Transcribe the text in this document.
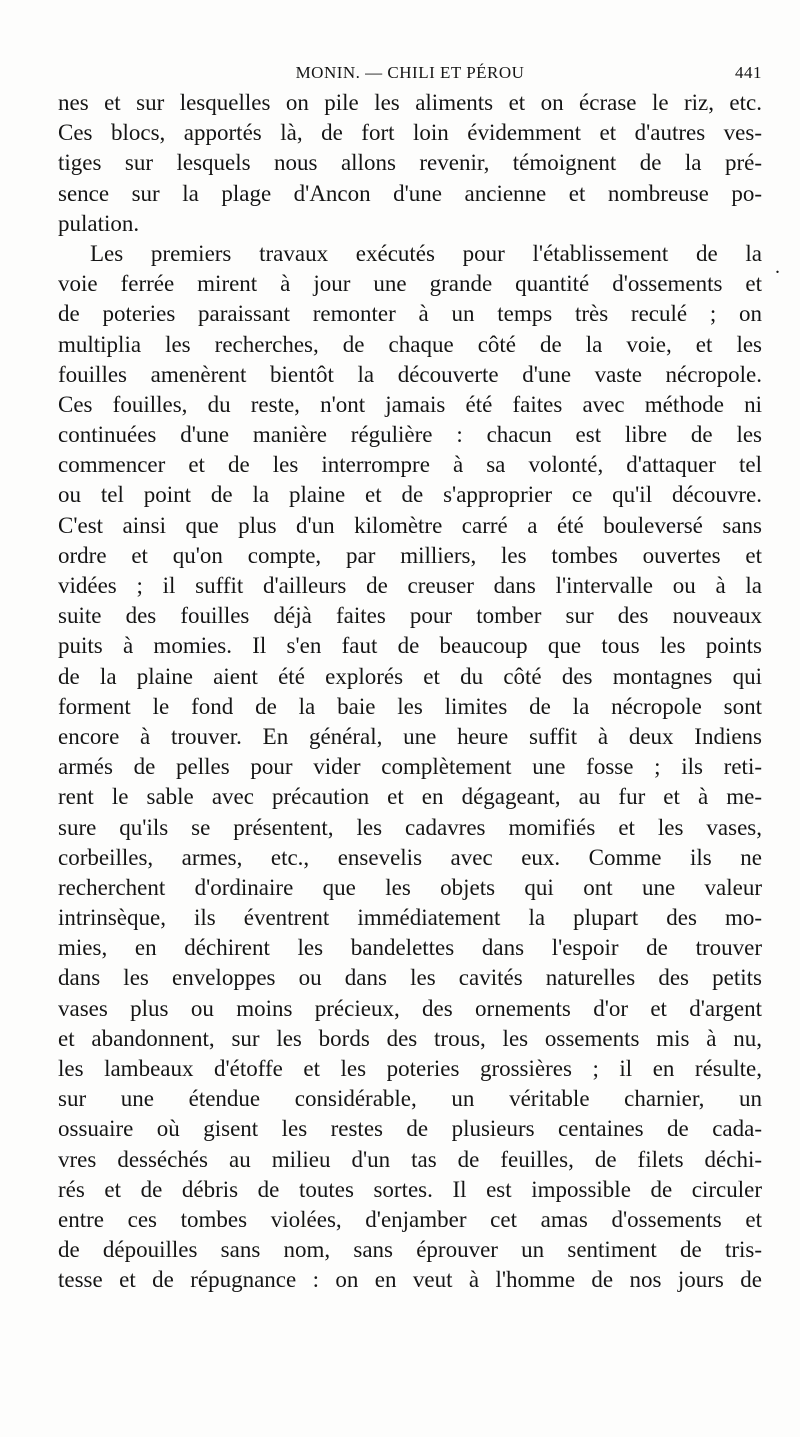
MONIN. — CHILI ET PÉROU	441
nes et sur lesquelles on pile les aliments et on écrase le riz, etc.
Ces blocs, apportés là, de fort loin évidemment et d'autres ves-
tiges sur lesquels nous allons revenir, témoignent de la pré-
sence sur la plage d'Ancon d'une ancienne et nombreuse po-
pulation.
Les premiers travaux exécutés pour l'établissement de la
voie ferrée mirent à jour une grande quantité d'ossements et
de poteries paraissant remonter à un temps très reculé ; on
multiplia les recherches, de chaque côté de la voie, et les
fouilles amenèrent bientôt la découverte d'une vaste nécropole.
Ces fouilles, du reste, n'ont jamais été faites avec méthode ni
continuées d'une manière régulière : chacun est libre de les
commencer et de les interrompre à sa volonté, d'attaquer tel
ou tel point de la plaine et de s'approprier ce qu'il découvre.
C'est ainsi que plus d'un kilomètre carré a été bouleversé sans
ordre et qu'on compte, par milliers, les tombes ouvertes et
vidées ; il suffit d'ailleurs de creuser dans l'intervalle ou à la
suite des fouilles déjà faites pour tomber sur des nouveaux
puits à momies. Il s'en faut de beaucoup que tous les points
de la plaine aient été explorés et du côté des montagnes qui
forment le fond de la baie les limites de la nécropole sont
encore à trouver. En général, une heure suffit à deux Indiens
armés de pelles pour vider complètement une fosse ; ils reti-
rent le sable avec précaution et en dégageant, au fur et à me-
sure qu'ils se présentent, les cadavres momifiés et les vases,
corbeilles, armes, etc., ensevelis avec eux. Comme ils ne
recherchent d'ordinaire que les objets qui ont une valeur
intrinsèque, ils éventrent immédiatement la plupart des mo-
mies, en déchirent les bandelettes dans l'espoir de trouver
dans les enveloppes ou dans les cavités naturelles des petits
vases plus ou moins précieux, des ornements d'or et d'argent
et abandonnent, sur les bords des trous, les ossements mis à nu,
les lambeaux d'étoffe et les poteries grossières ; il en résulte,
sur une étendue considérable, un véritable charnier, un
ossuaire où gisent les restes de plusieurs centaines de cada-
vres desséchés au milieu d'un tas de feuilles, de filets déchi-
rés et de débris de toutes sortes. Il est impossible de circuler
entre ces tombes violées, d'enjamber cet amas d'ossements et
de dépouilles sans nom, sans éprouver un sentiment de tris-
tesse et de répugnance : on en veut à l'homme de nos jours de
.
